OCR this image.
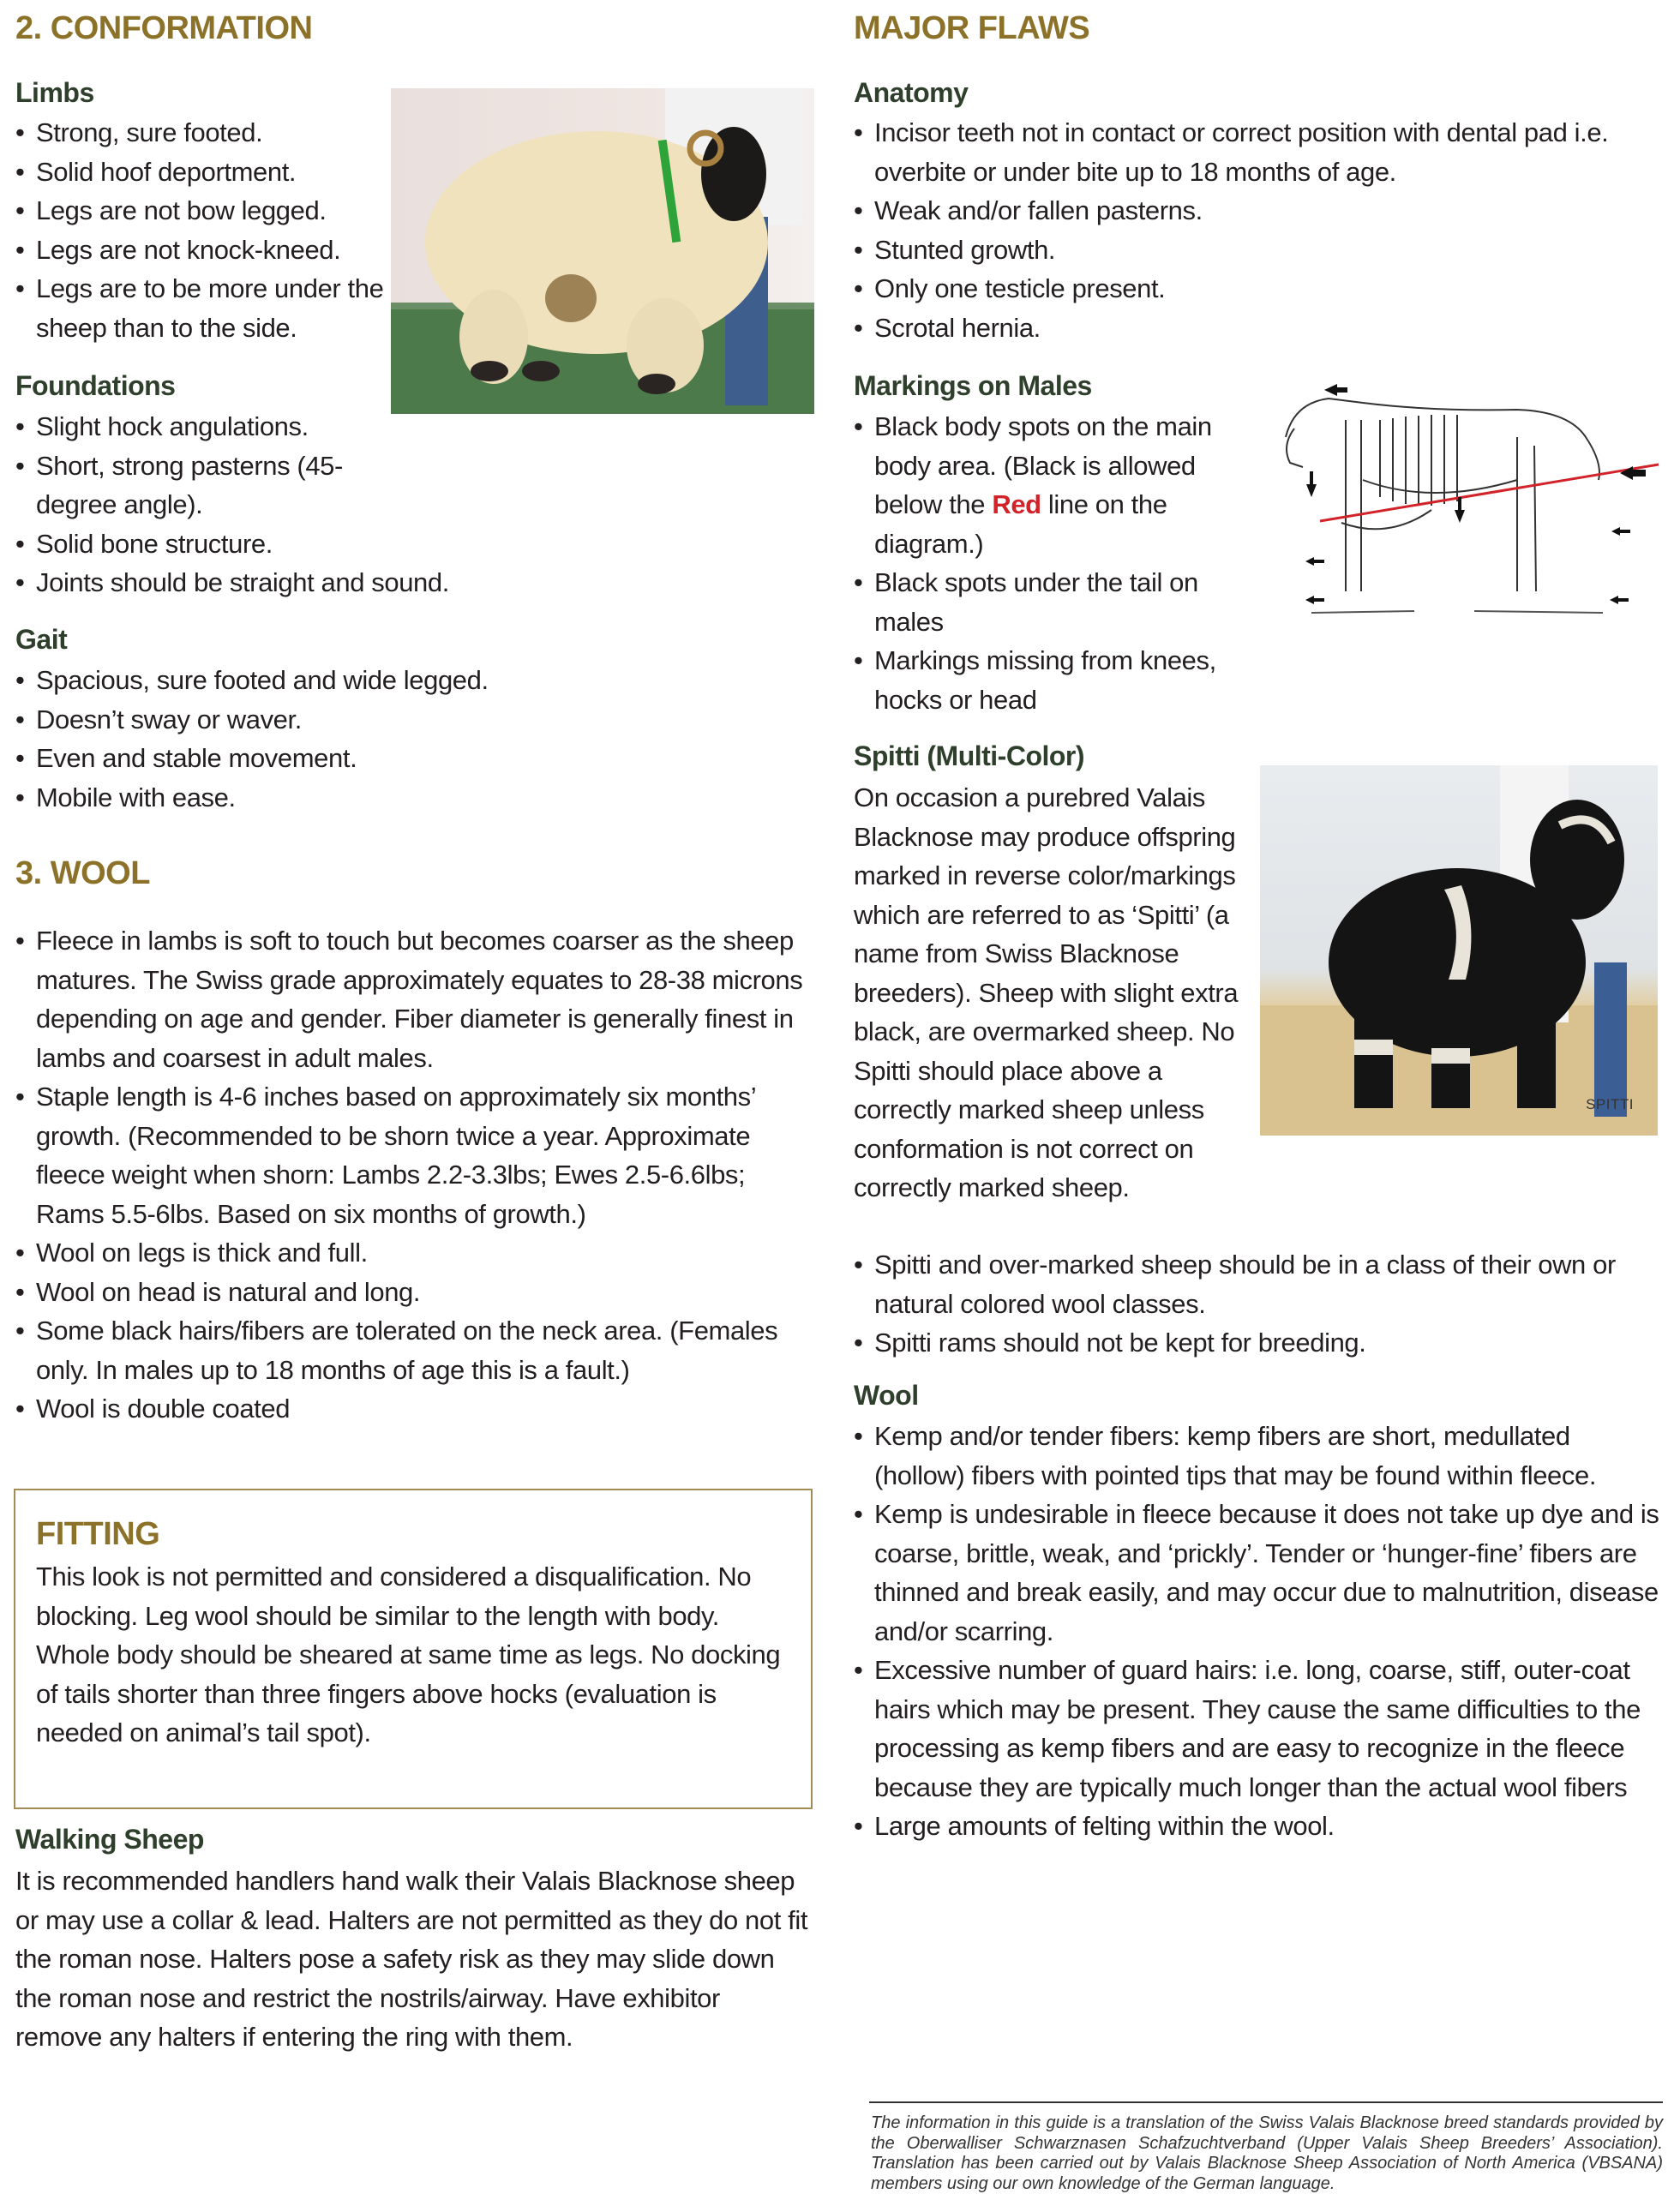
2. CONFORMATION
Limbs
• Strong, sure footed.
• Solid hoof deportment.
• Legs are not bow legged.
• Legs are not knock-kneed.
• Legs are to be more under the sheep than to the side.
Foundations
• Slight hock angulations.
• Short, strong pasterns (45-degree angle).
• Solid bone structure.
• Joints should be straight and sound.
Gait
• Spacious, sure footed and wide legged.
• Doesn’t sway or waver.
• Even and stable movement.
• Mobile with ease.
3. WOOL
• Fleece in lambs is soft to touch but becomes coarser as the sheep matures. The Swiss grade approximately equates to 28-38 microns depending on age and gender. Fiber diameter is generally finest in lambs and coarsest in adult males.
• Staple length is 4-6 inches based on approximately six months’ growth. (Recommended to be shorn twice a year. Approximate fleece weight when shorn: Lambs 2.2-3.3lbs; Ewes 2.5-6.6lbs; Rams 5.5-6lbs. Based on six months of growth.)
• Wool on legs is thick and full.
• Wool on head is natural and long.
• Some black hairs/fibers are tolerated on the neck area. (Females only. In males up to 18 months of age this is a fault.)
• Wool is double coated
FITTING

This look is not permitted and considered a disqualification. No blocking. Leg wool should be similar to the length with body. Whole body should be sheared at same time as legs. No docking of tails shorter than three fingers above hocks (evaluation is needed on animal’s tail spot).

Walking Sheep

It is recommended handlers hand walk their Valais Blacknose sheep or may use a collar & lead. Halters are not permitted as they do not fit the roman nose. Halters pose a safety risk as they may slide down the roman nose and restrict the nostrils/airway. Have exhibitor remove any halters if entering the ring with them.

MAJOR FLAWS
Anatomy
• Incisor teeth not in contact or correct position with dental pad i.e. overbite or under bite up to 18 months of age.
• Weak and/or fallen pasterns.
• Stunted growth.
• Only one testicle present.
• Scrotal hernia.
Markings on Males
• Black body spots on the main body area. (Black is allowed below the Red line on the diagram.)
• Black spots under the tail on males
• Markings missing from knees, hocks or head
Spitti (Multi-Color)

On occasion a purebred Valais Blacknose may produce offspring marked in reverse color/markings which are referred to as ‘Spitti’ (a name from Swiss Blacknose breeders). Sheep with slight extra black, are overmarked sheep. No Spitti should place above a correctly marked sheep unless conformation is not correct on correctly marked sheep.

SPITTI
• Spitti and over-marked sheep should be in a class of their own or natural colored wool classes.
• Spitti rams should not be kept for breeding.
Wool
• Kemp and/or tender fibers: kemp fibers are short, medullated (hollow) fibers with pointed tips that may be found within fleece.
• Kemp is undesirable in fleece because it does not take up dye and is coarse, brittle, weak, and ‘prickly’. Tender or ‘hunger-fine’ fibers are thinned and break easily, and may occur due to malnutrition, disease and/or scarring.
• Excessive number of guard hairs: i.e. long, coarse, stiff, outer-coat hairs which may be present. They cause the same difficulties to the processing as kemp fibers and are easy to recognize in the fleece because they are typically much longer than the actual wool fibers
• Large amounts of felting within the wool.

The information in this guide is a translation of the Swiss Valais Blacknose breed standards provided by the Oberwalliser Schwarznasen Schafzuchtverband (Upper Valais Sheep Breeders’ Association). Translation has been carried out by Valais Blacknose Sheep Association of North America (VBSANA) members using our own knowledge of the German language.
